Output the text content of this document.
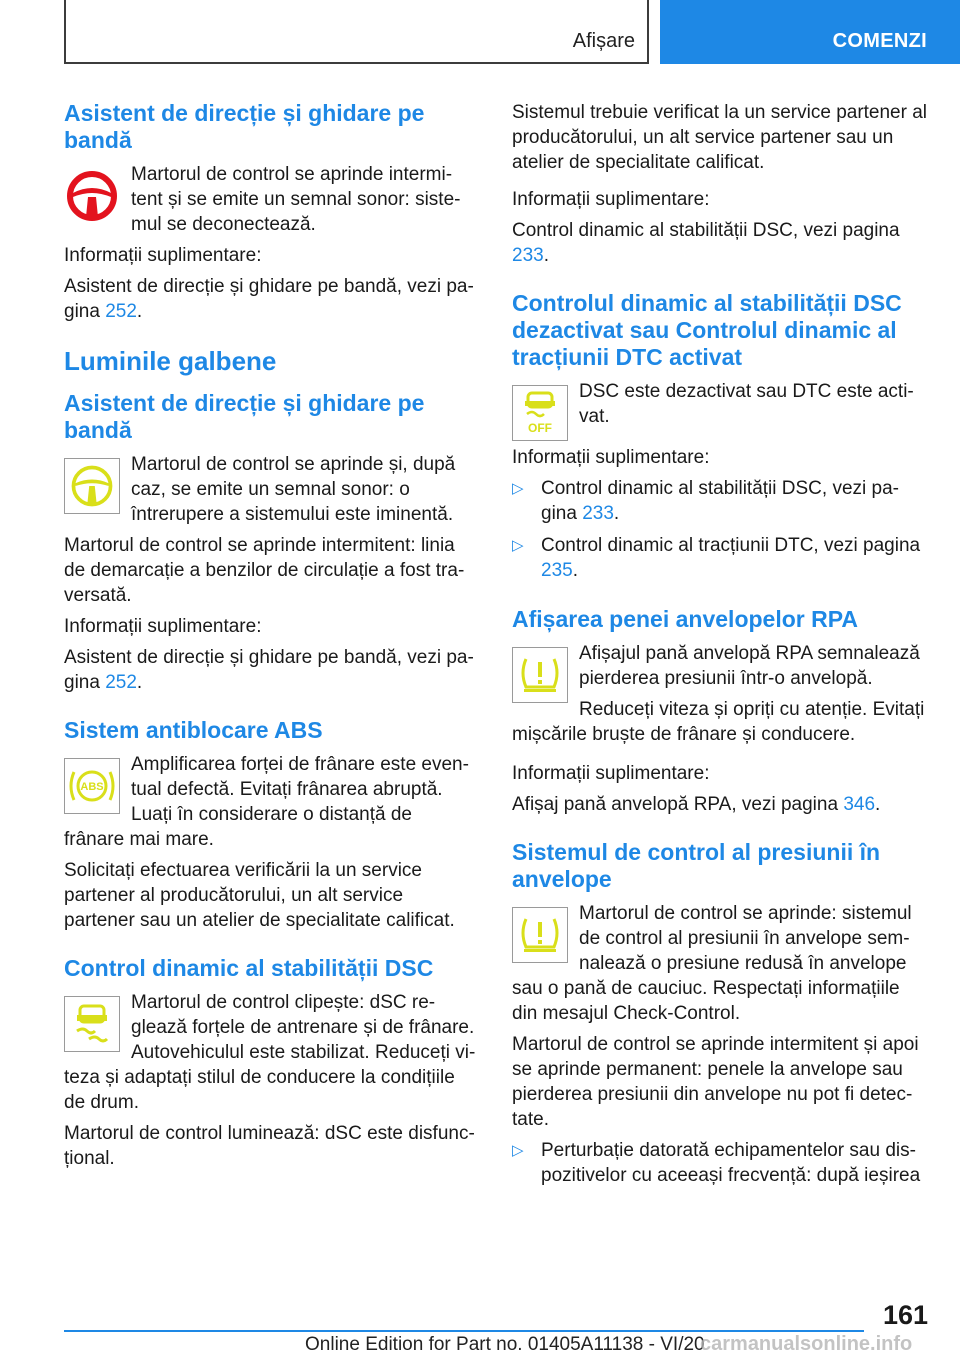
Afișare	COMENZI
Asistent de direcție și ghidare pe bandă

Martorul de control se aprinde intermitent și se emite un semnal sonor: sistemul se deconectează.

Informații suplimentare:

Asistent de direcție și ghidare pe bandă, vezi pagina 252.

Luminile galbene
Asistent de direcție și ghidare pe bandă

Martorul de control se aprinde și, după caz, se emite un semnal sonor: o întrerupere a sistemului este iminentă.

Martorul de control se aprinde intermitent: linia de demarcație a benzilor de circulație a fost traversată.

Informații suplimentare:

Asistent de direcție și ghidare pe bandă, vezi pagina 252.

Sistem antiblocare ABS
ABS

Amplificarea forței de frânare este eventual defectă. Evitați frânarea abruptă. Luați în considerare o distanță de frânare mai mare.

Solicitați efectuarea verificării la un service partener al producătorului, un alt service partener sau un atelier de specialitate calificat.

Control dinamic al stabilității DSC

Martorul de control clipește: dSC reglează forțele de antrenare și de frânare. Autovehiculul este stabilizat. Reduceți viteza și adaptați stilul de conducere la condițiile de drum.

Martorul de control luminează: dSC este disfuncțional.

Sistemul trebuie verificat la un service partener al producătorului, un alt service partener sau un atelier de specialitate calificat.

Informații suplimentare:

Control dinamic al stabilității DSC, vezi pagina 233.

Controlul dinamic al stabilității DSC dezactivat sau Controlul dinamic al tracțiunii DTC activat
OFF

DSC este dezactivat sau DTC este activat.

Informații suplimentare:

▷ Control dinamic al stabilității DSC, vezi pagina 233.
▷ Control dinamic al tracțiunii DTC, vezi pagina 235.
Afișarea penei anvelopelor RPA

Afișajul pană anvelopă RPA semnalează pierderea presiunii într-o anvelopă.

Reduceți viteza și opriți cu atenție. Evitați mișcările bruște de frânare și conducere.

Informații suplimentare:

Afișaj pană anvelopă RPA, vezi pagina 346.

Sistemul de control al presiunii în anvelope

Martorul de control se aprinde: sistemul de control al presiunii în anvelope semnalează o presiune redusă în anvelope sau o pană de cauciuc. Respectați informațiile din mesajul Check-Control.

Martorul de control se aprinde intermitent și apoi se aprinde permanent: penele la anvelope sau pierderea presiunii din anvelope nu pot fi detectate.

▷ Perturbație datorată echipamentelor sau dispozitivelor cu aceeași frecvență: după ieșirea
161
Online Edition for Part no. 01405A11138 - VI/20
carmanualsonline.info
